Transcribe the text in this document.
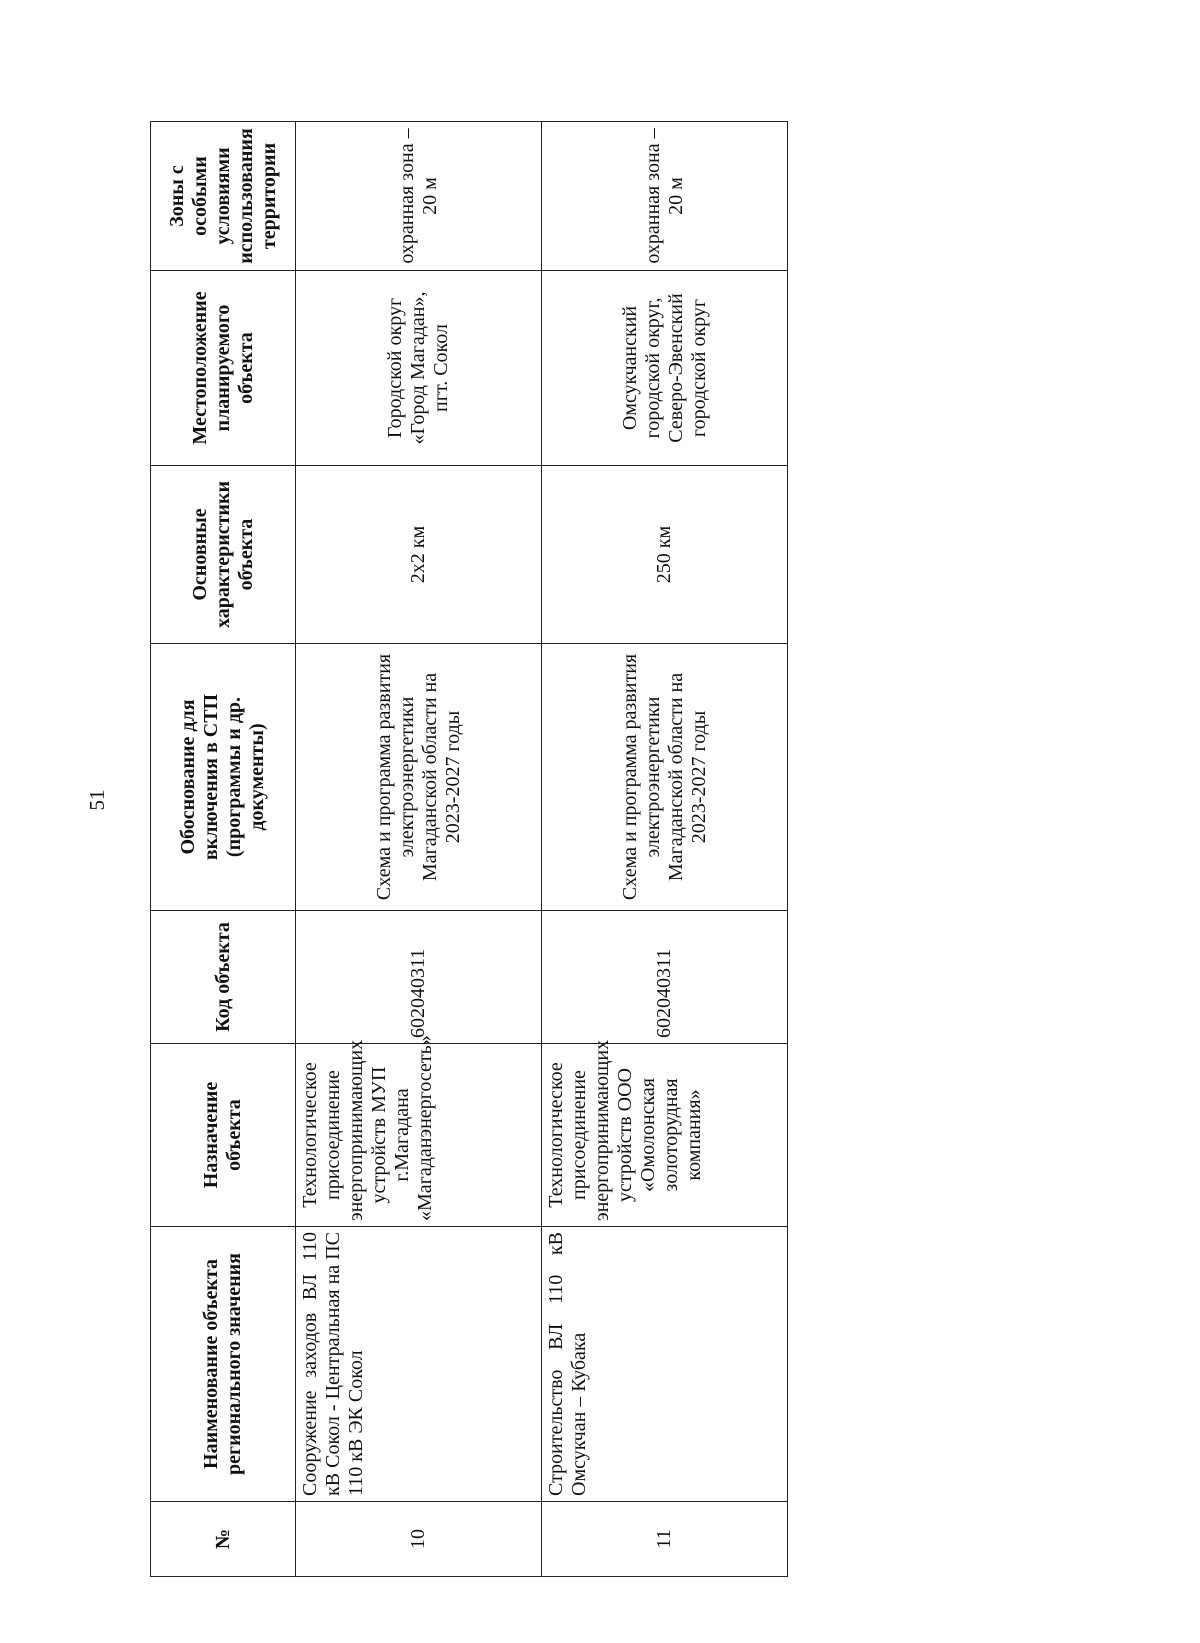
51
№	Наименование объекта регионального значения	Назначение объекта	Код объекта	Обоснование для включения в СТП (программы и др. документы)	Основные характеристики объекта	Местоположение планируемого объекта	Зоны с особыми условиями использования территории
10	Сооружение заходов ВЛ 110 кВ Сокол - Центральная на ПС 110 кВ ЭК Сокол	Технологическое присоединение энергопринимающих устройств МУП г.Магадана «Магаданэнергосеть»	602040311	Схема и программа развития электроэнергетики Магаданской области на 2023-2027 годы	2х2 км	Городской округ «Город Магадан», пгт. Сокол	охранная зона – 20 м
11	Строительство ВЛ 110 кВ Омсукчан – Кубака	Технологическое присоединение энергопринимающих устройств ООО «Омолонская золоторудная компания»	602040311	Схема и программа развития электроэнергетики Магаданской области на 2023-2027 годы	250 км	Омсукчанский городской округ, Северо-Эвенский городской округ	охранная зона – 20 м
